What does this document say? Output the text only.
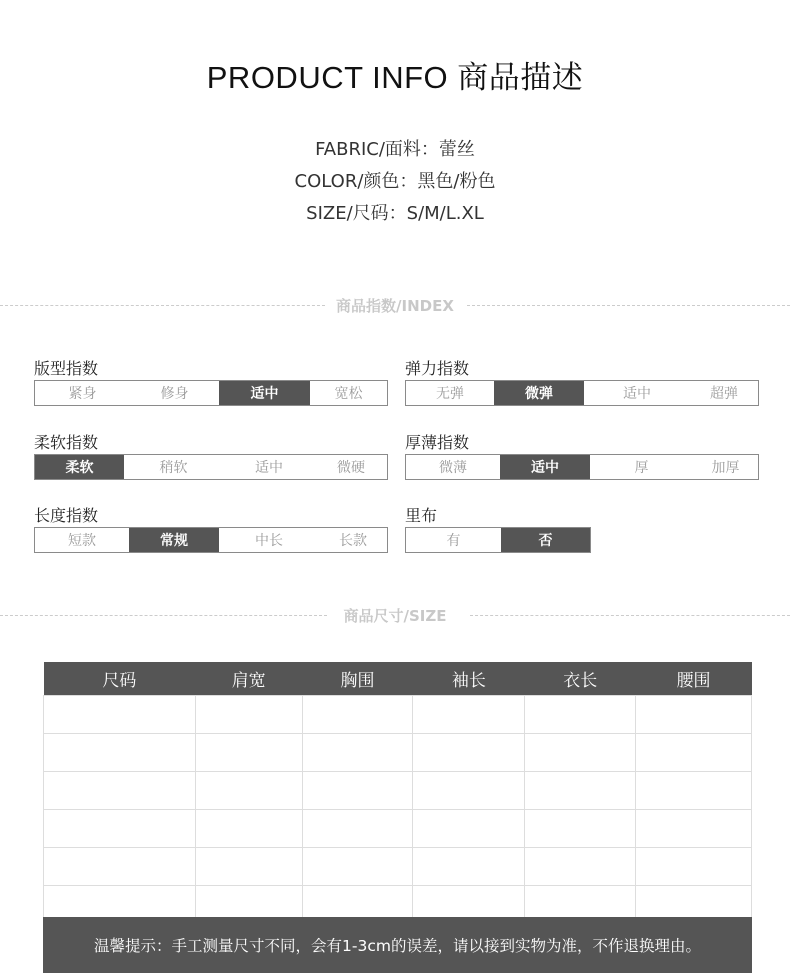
PRODUCT INFO 商品描述
FABRIC/面料：蕾丝
COLOR/颜色：黑色/粉色
SIZE/尺码：S/M/L.XL
商品指数/INDEX
版型指数
紧身	修身	适中	宽松
弹力指数
无弹	微弹	适中	超弹
柔软指数
柔软	稍软	适中	微硬
厚薄指数
微薄	适中	厚	加厚
长度指数
短款	常规	中长	长款
里布
有	否
商品尺寸/SIZE
尺码	肩宽	胸围	袖长	衣长	腰围

温馨提示：手工测量尺寸不同，会有1-3cm的误差，请以接到实物为准，不作退换理由。
